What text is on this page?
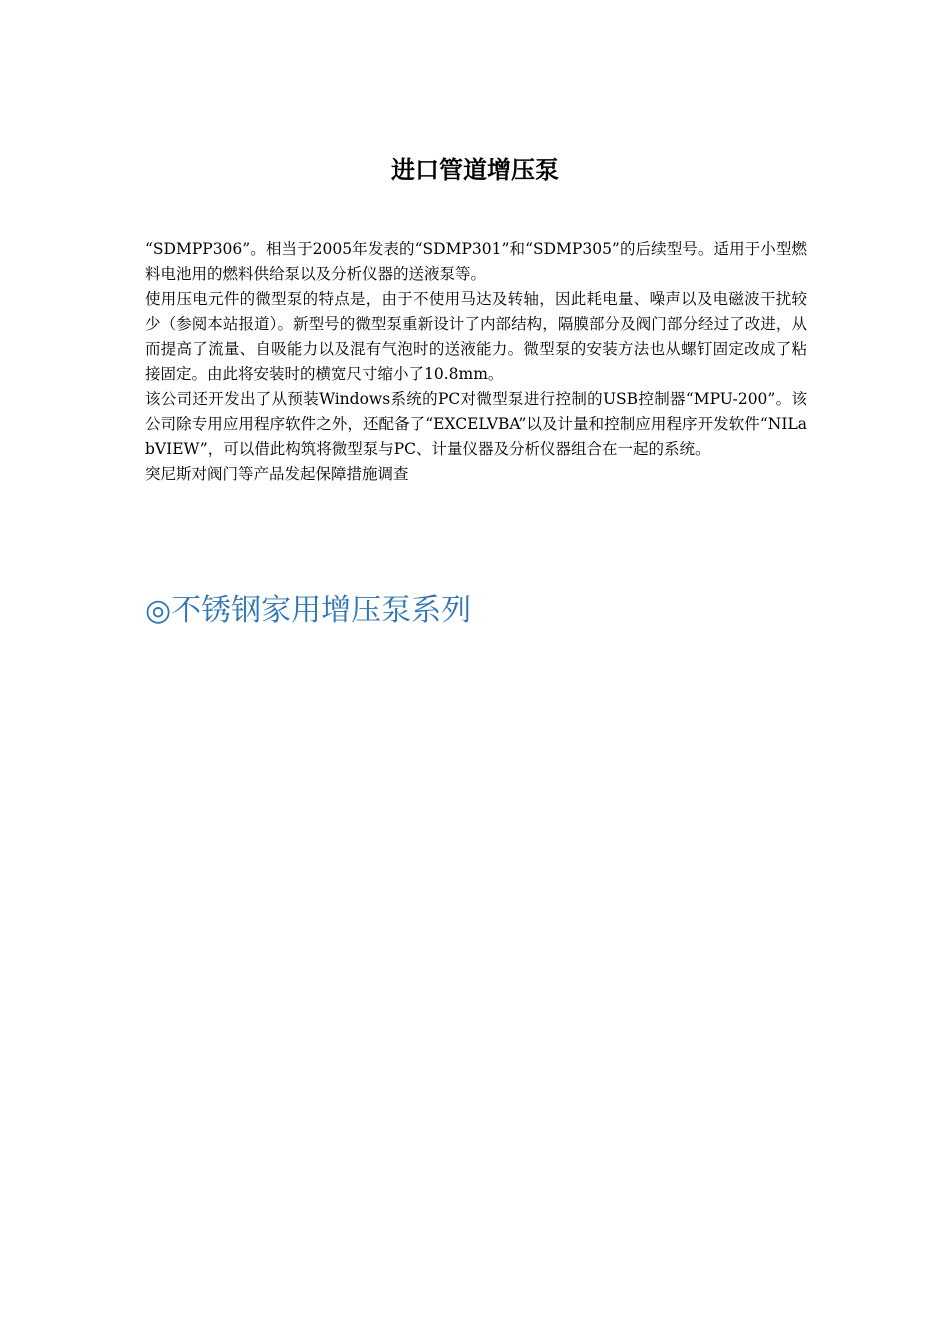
进口管道增压泵

“SDMPP306”。相当于2005年发表的“SDMP301”和“SDMP305”的后续型号。适用于小型燃料电池用的燃料供给泵以及分析仪器的送液泵等。

使用压电元件的微型泵的特点是，由于不使用马达及转轴，因此耗电量、噪声以及电磁波干扰较少（参阅本站报道）。新型号的微型泵重新设计了内部结构，隔膜部分及阀门部分经过了改进，从而提高了流量、自吸能力以及混有气泡时的送液能力。微型泵的安装方法也从螺钉固定改成了粘接固定。由此将安装时的横宽尺寸缩小了10.8mm。

该公司还开发出了从预装Windows系统的PC对微型泵进行控制的USB控制器“MPU-200”。该公司除专用应用程序软件之外，还配备了“EXCELVBA”以及计量和控制应用程序开发软件“NILabVIEW”，可以借此构筑将微型泵与PC、计量仪器及分析仪器组合在一起的系统。

突尼斯对阀门等产品发起保障措施调查

◎不锈钢家用增压泵系列
